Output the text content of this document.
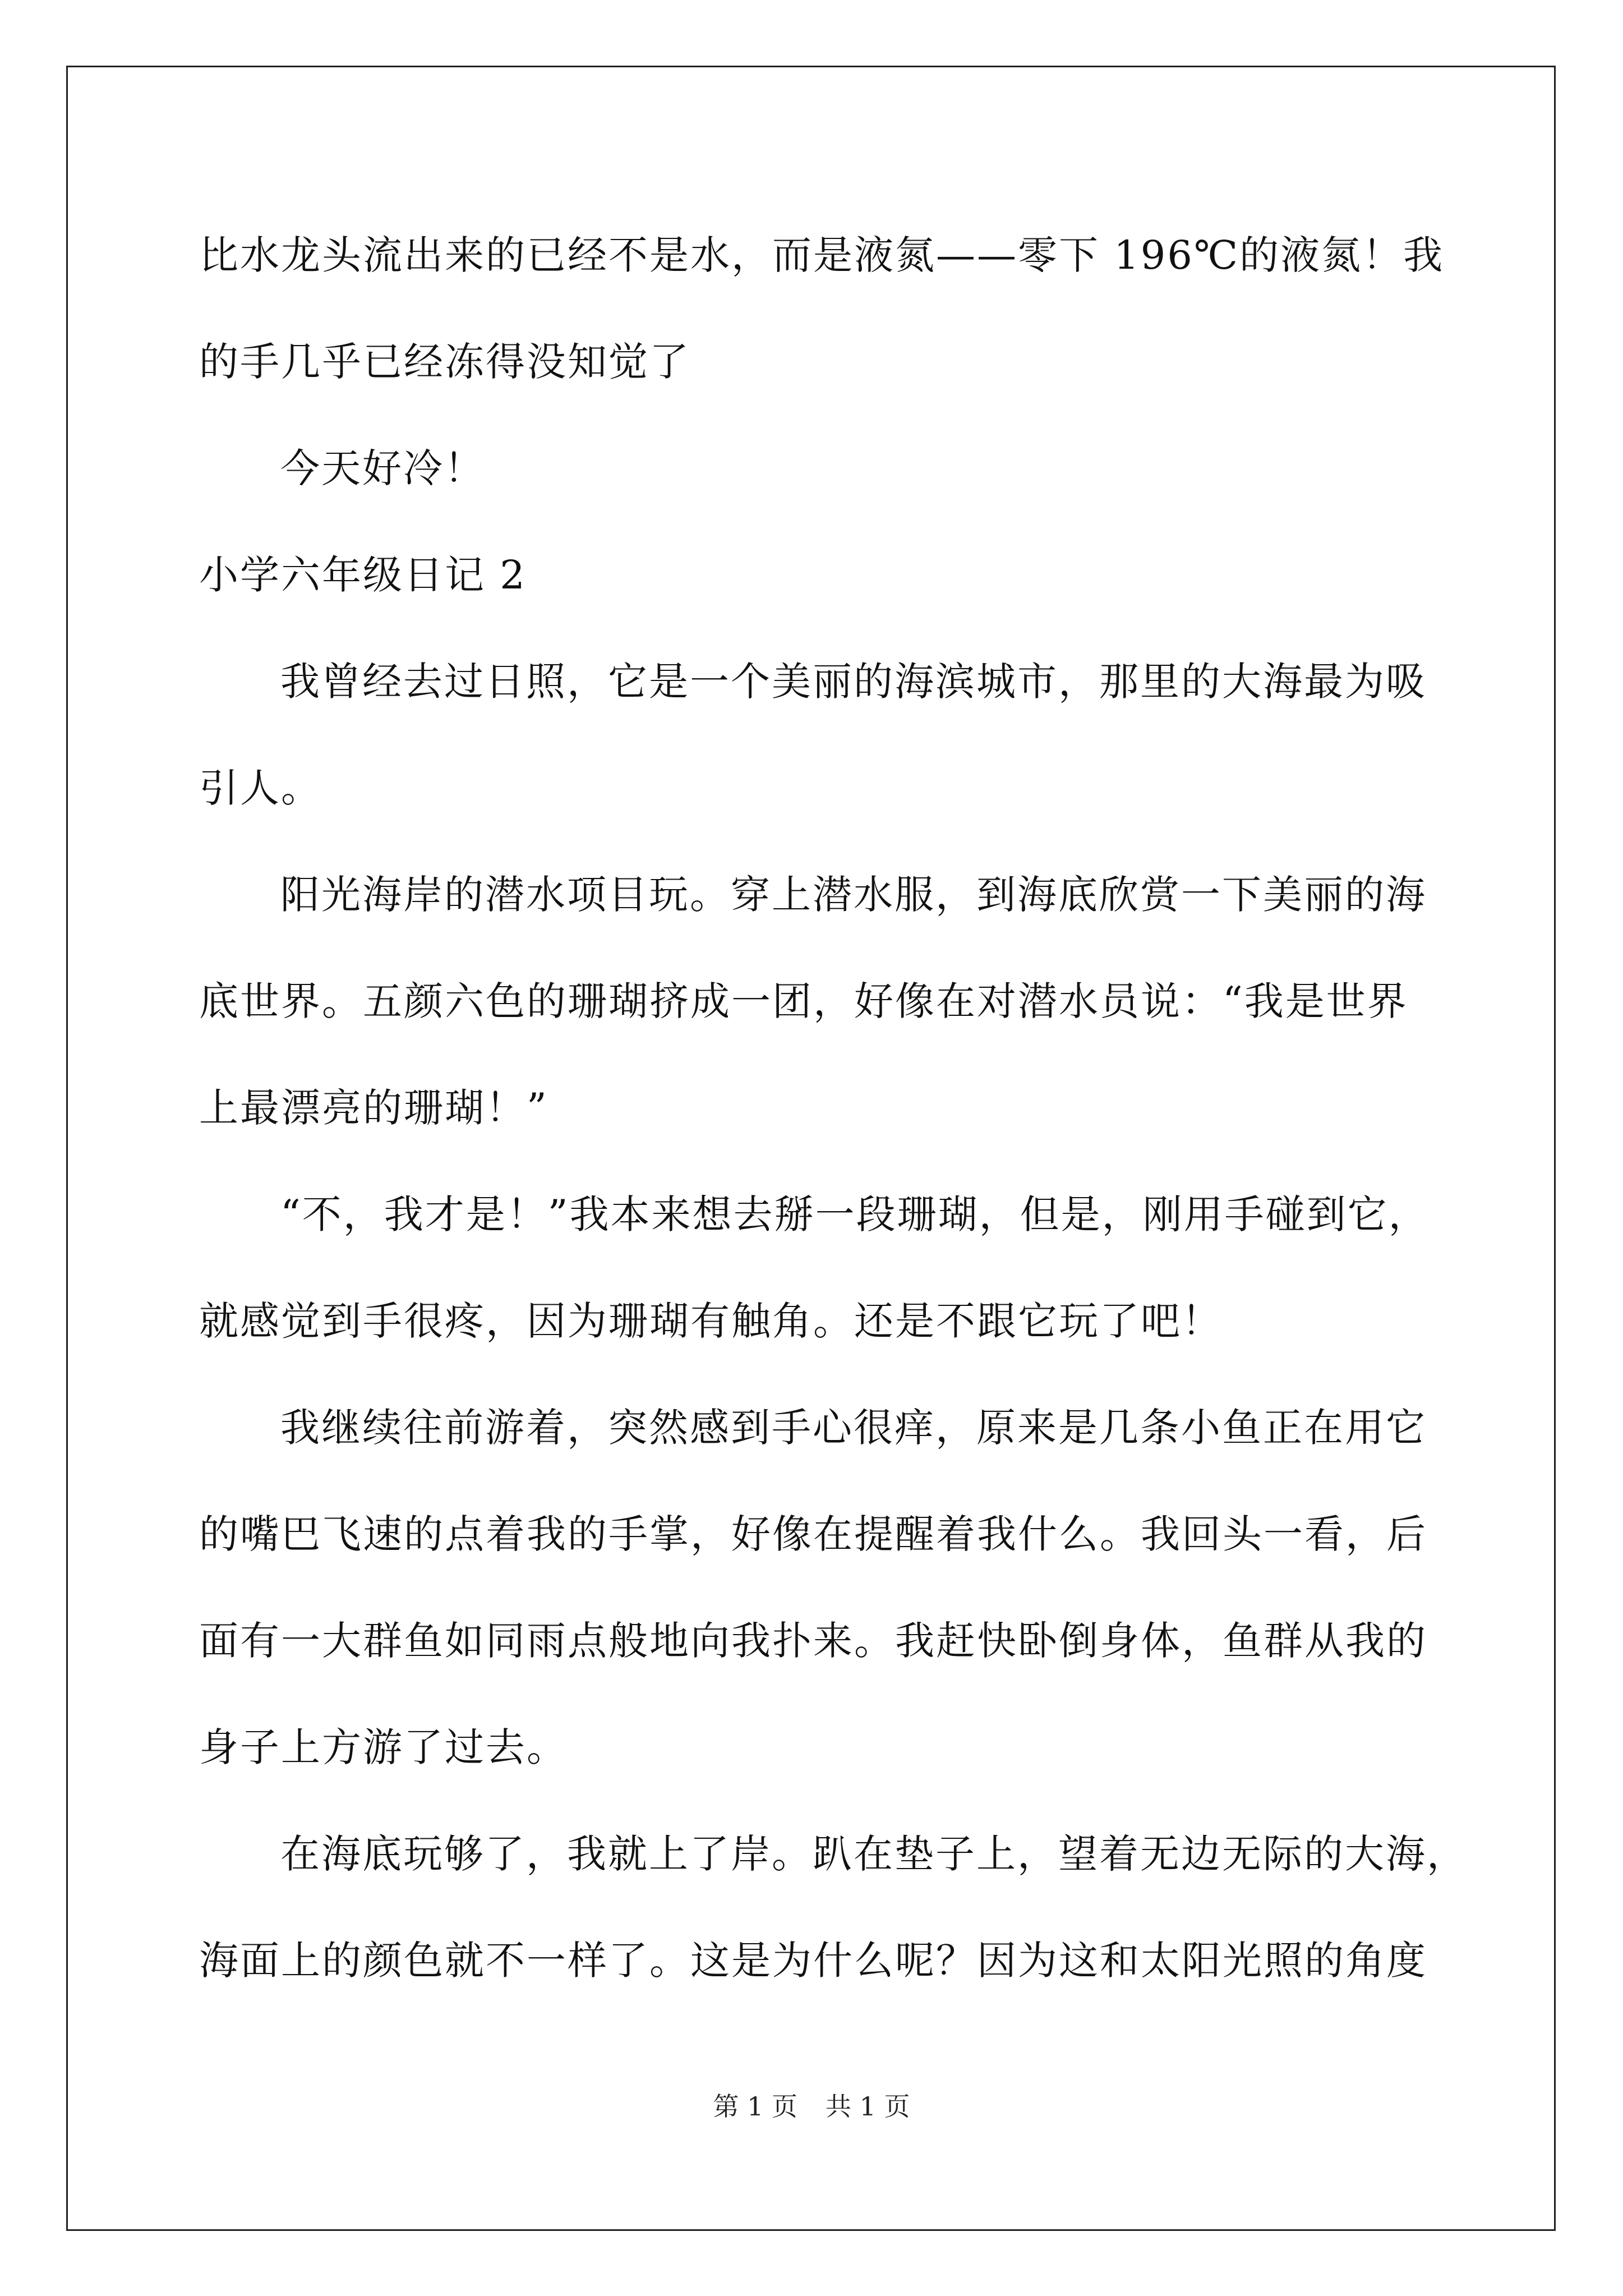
比水龙头流出来的已经不是水，而是液氮——零下 196℃的液氮！我

的手几乎已经冻得没知觉了

今天好冷！

小学六年级日记 2

我曾经去过日照，它是一个美丽的海滨城市，那里的大海最为吸

引人。

阳光海岸的潜水项目玩。穿上潜水服，到海底欣赏一下美丽的海

底世界。五颜六色的珊瑚挤成一团，好像在对潜水员说：“我是世界

上最漂亮的珊瑚！”

“不，我才是！”我本来想去掰一段珊瑚，但是，刚用手碰到它，

就感觉到手很疼，因为珊瑚有触角。还是不跟它玩了吧！

我继续往前游着，突然感到手心很痒，原来是几条小鱼正在用它

的嘴巴飞速的点着我的手掌，好像在提醒着我什么。我回头一看，后

面有一大群鱼如同雨点般地向我扑来。我赶快卧倒身体，鱼群从我的

身子上方游了过去。

在海底玩够了，我就上了岸。趴在垫子上，望着无边无际的大海，

海面上的颜色就不一样了。这是为什么呢？因为这和太阳光照的角度

第 1 页 共 1 页
